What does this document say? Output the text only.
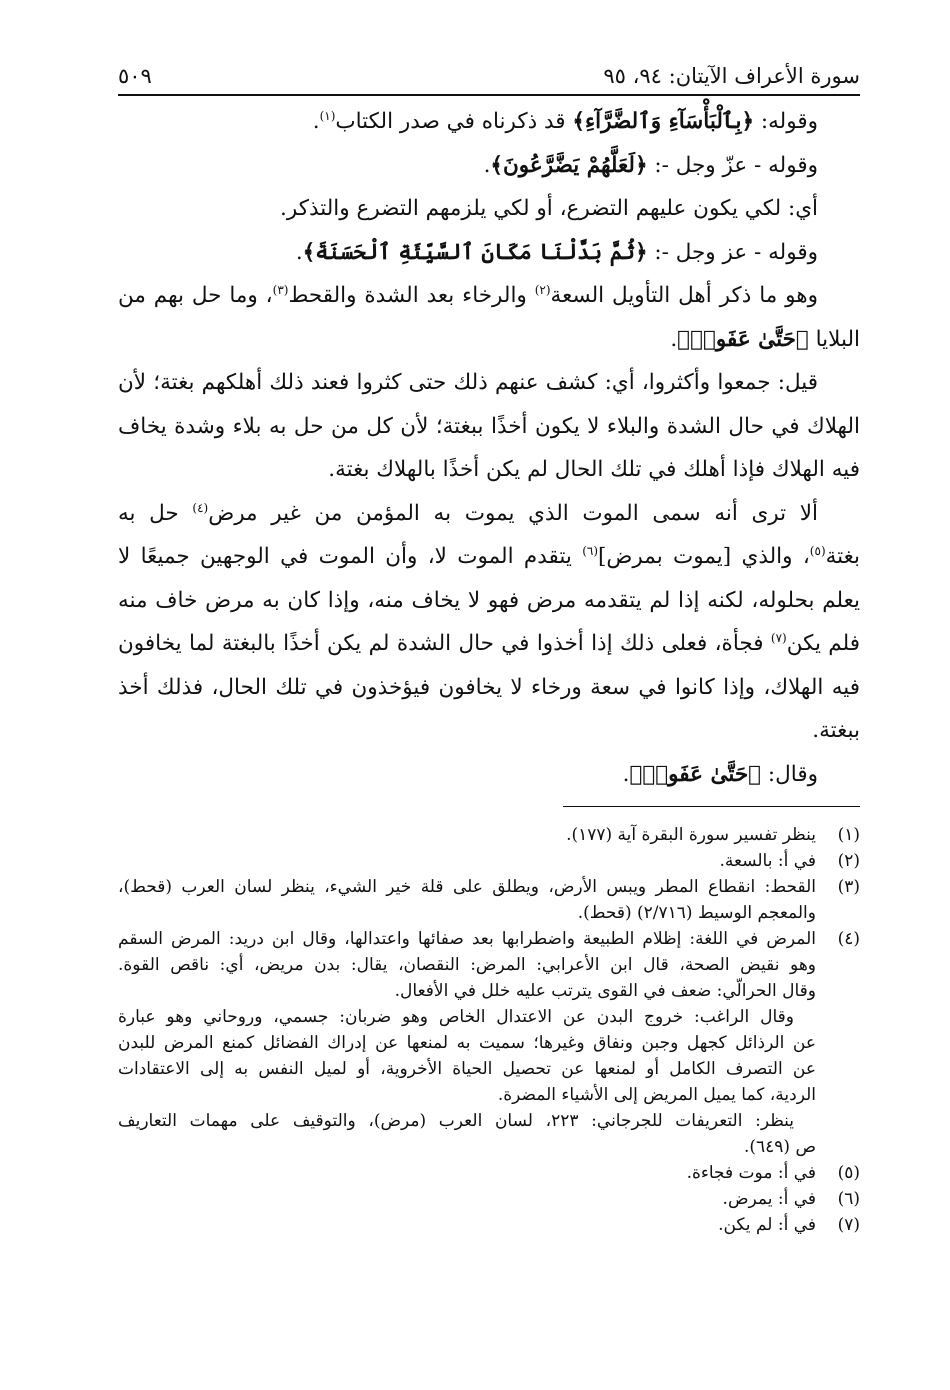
سورة الأعراف الآيتان: ٩٤، ٩٥
٥٠٩
وقوله: ﴿بِٱلْبَأْسَآءِ وَٱلضَّرَّآءِ﴾ قد ذكرناه في صدر الكتاب$^{(١)}$.
وقوله - عزّ وجل -: ﴿لَعَلَّهُمْ يَضَّرَّعُونَ﴾.
أي: لكي يكون عليهم التضرع، أو لكي يلزمهم التضرع والتذكر.
وقوله - عز وجل -: ﴿ثُمَّ بَدَّلْنَا مَكَانَ ٱلسَّيِّئَةِ ٱلْحَسَنَةَ﴾.
وهو ما ذكر أهل التأويل السعة$^{(٢)}$ والرخاء بعد الشدة والقحط$^{(٣)}$، وما حل بهم من
البلايا ﴿حَتَّىٰ عَفَوا۟﴾.
قيل: جمعوا وأكثروا، أي: كشف عنهم ذلك حتى كثروا فعند ذلك أهلكهم بغتة؛ لأن
الهلاك في حال الشدة والبلاء لا يكون أخذًا ببغتة؛ لأن كل من حل به بلاء وشدة يخاف
فيه الهلاك فإذا أهلك في تلك الحال لم يكن أخذًا بالهلاك بغتة.
ألا ترى أنه سمى الموت الذي يموت به المؤمن من غير مرض$^{(٤)}$ حل به
بغتة$^{(٥)}$، والذي [يموت بمرض]$^{(٦)}$ يتقدم الموت لا، وأن الموت في الوجهين جميعًا لا
يعلم بحلوله، لكنه إذا لم يتقدمه مرض فهو لا يخاف منه، وإذا كان به مرض خاف منه
فلم يكن$^{(٧)}$ فجأة، فعلى ذلك إذا أخذوا في حال الشدة لم يكن أخذًا بالبغتة لما يخافون
فيه الهلاك، وإذا كانوا في سعة ورخاء لا يخافون فيؤخذون في تلك الحال، فذلك أخذ
ببغتة.
وقال: ﴿حَتَّىٰ عَفَوا۟﴾.
(١)
ينظر تفسير سورة البقرة آية (١٧٧).
(٢)
في أ: بالسعة.
(٣)
القحط: انقطاع المطر ويبس الأرض، ويطلق على قلة خير الشيء، ينظر لسان العرب (قحط)،
والمعجم الوسيط (٢/٧١٦) (قحط).
(٤)
المرض في اللغة: إظلام الطبيعة واضطرابها بعد صفائها واعتدالها، وقال ابن دريد: المرض السقم
وهو نقيض الصحة، قال ابن الأعرابي: المرض: النقصان، يقال: بدن مريض، أي: ناقص القوة.
وقال الحرالّي: ضعف في القوى يترتب عليه خلل في الأفعال.
وقال الراغب: خروج البدن عن الاعتدال الخاص وهو ضربان: جسمي، وروحاني وهو عبارة
عن الرذائل كجهل وجبن ونفاق وغيرها؛ سميت به لمنعها عن إدراك الفضائل كمنع المرض للبدن
عن التصرف الكامل أو لمنعها عن تحصيل الحياة الأخروية، أو لميل النفس به إلى الاعتقادات
الردية، كما يميل المريض إلى الأشياء المضرة.
ينظر: التعريفات للجرجاني: ٢٢٣، لسان العرب (مرض)، والتوقيف على مهمات التعاريف
ص (٦٤٩).
(٥)
في أ: موت فجاءة.
(٦)
في أ: يمرض.
(٧)
في أ: لم يكن.
